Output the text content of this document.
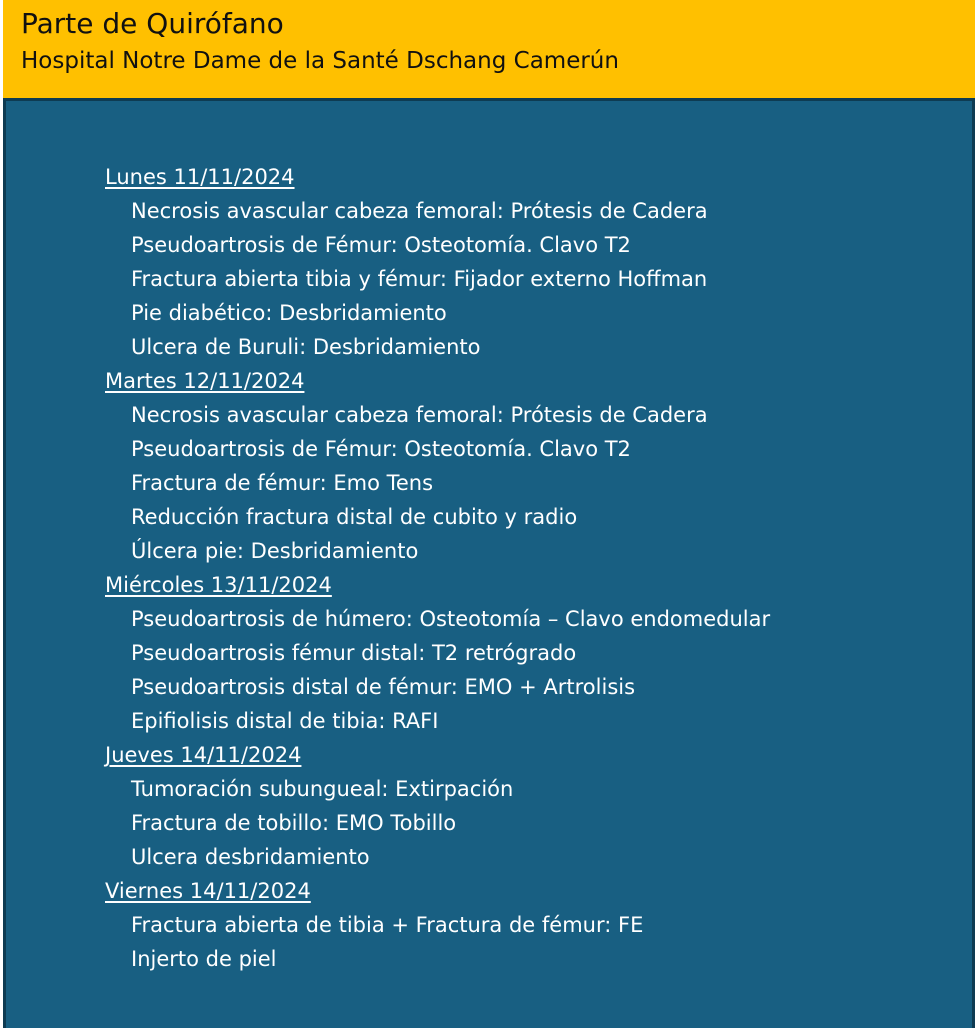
Parte de Quirófano
Hospital Notre Dame de la Santé Dschang Camerún
Lunes 11/11/2024
Necrosis avascular cabeza femoral: Prótesis de Cadera
Pseudoartrosis de Fémur: Osteotomía. Clavo T2
Fractura abierta tibia y fémur: Fijador externo Hoffman
Pie diabético: Desbridamiento
Ulcera de Buruli: Desbridamiento
Martes 12/11/2024
Necrosis avascular cabeza femoral: Prótesis de Cadera
Pseudoartrosis de Fémur: Osteotomía. Clavo T2
Fractura de fémur: Emo Tens
Reducción fractura distal de cubito y radio
Úlcera pie: Desbridamiento
Miércoles 13/11/2024
Pseudoartrosis de húmero: Osteotomía – Clavo endomedular
Pseudoartrosis fémur distal: T2 retrógrado
Pseudoartrosis distal de fémur: EMO + Artrolisis
Epifiolisis distal de tibia: RAFI
Jueves 14/11/2024
Tumoración subungueal: Extirpación
Fractura de tobillo: EMO Tobillo
Ulcera desbridamiento
Viernes 14/11/2024
Fractura abierta de tibia + Fractura de fémur: FE
Injerto de piel
